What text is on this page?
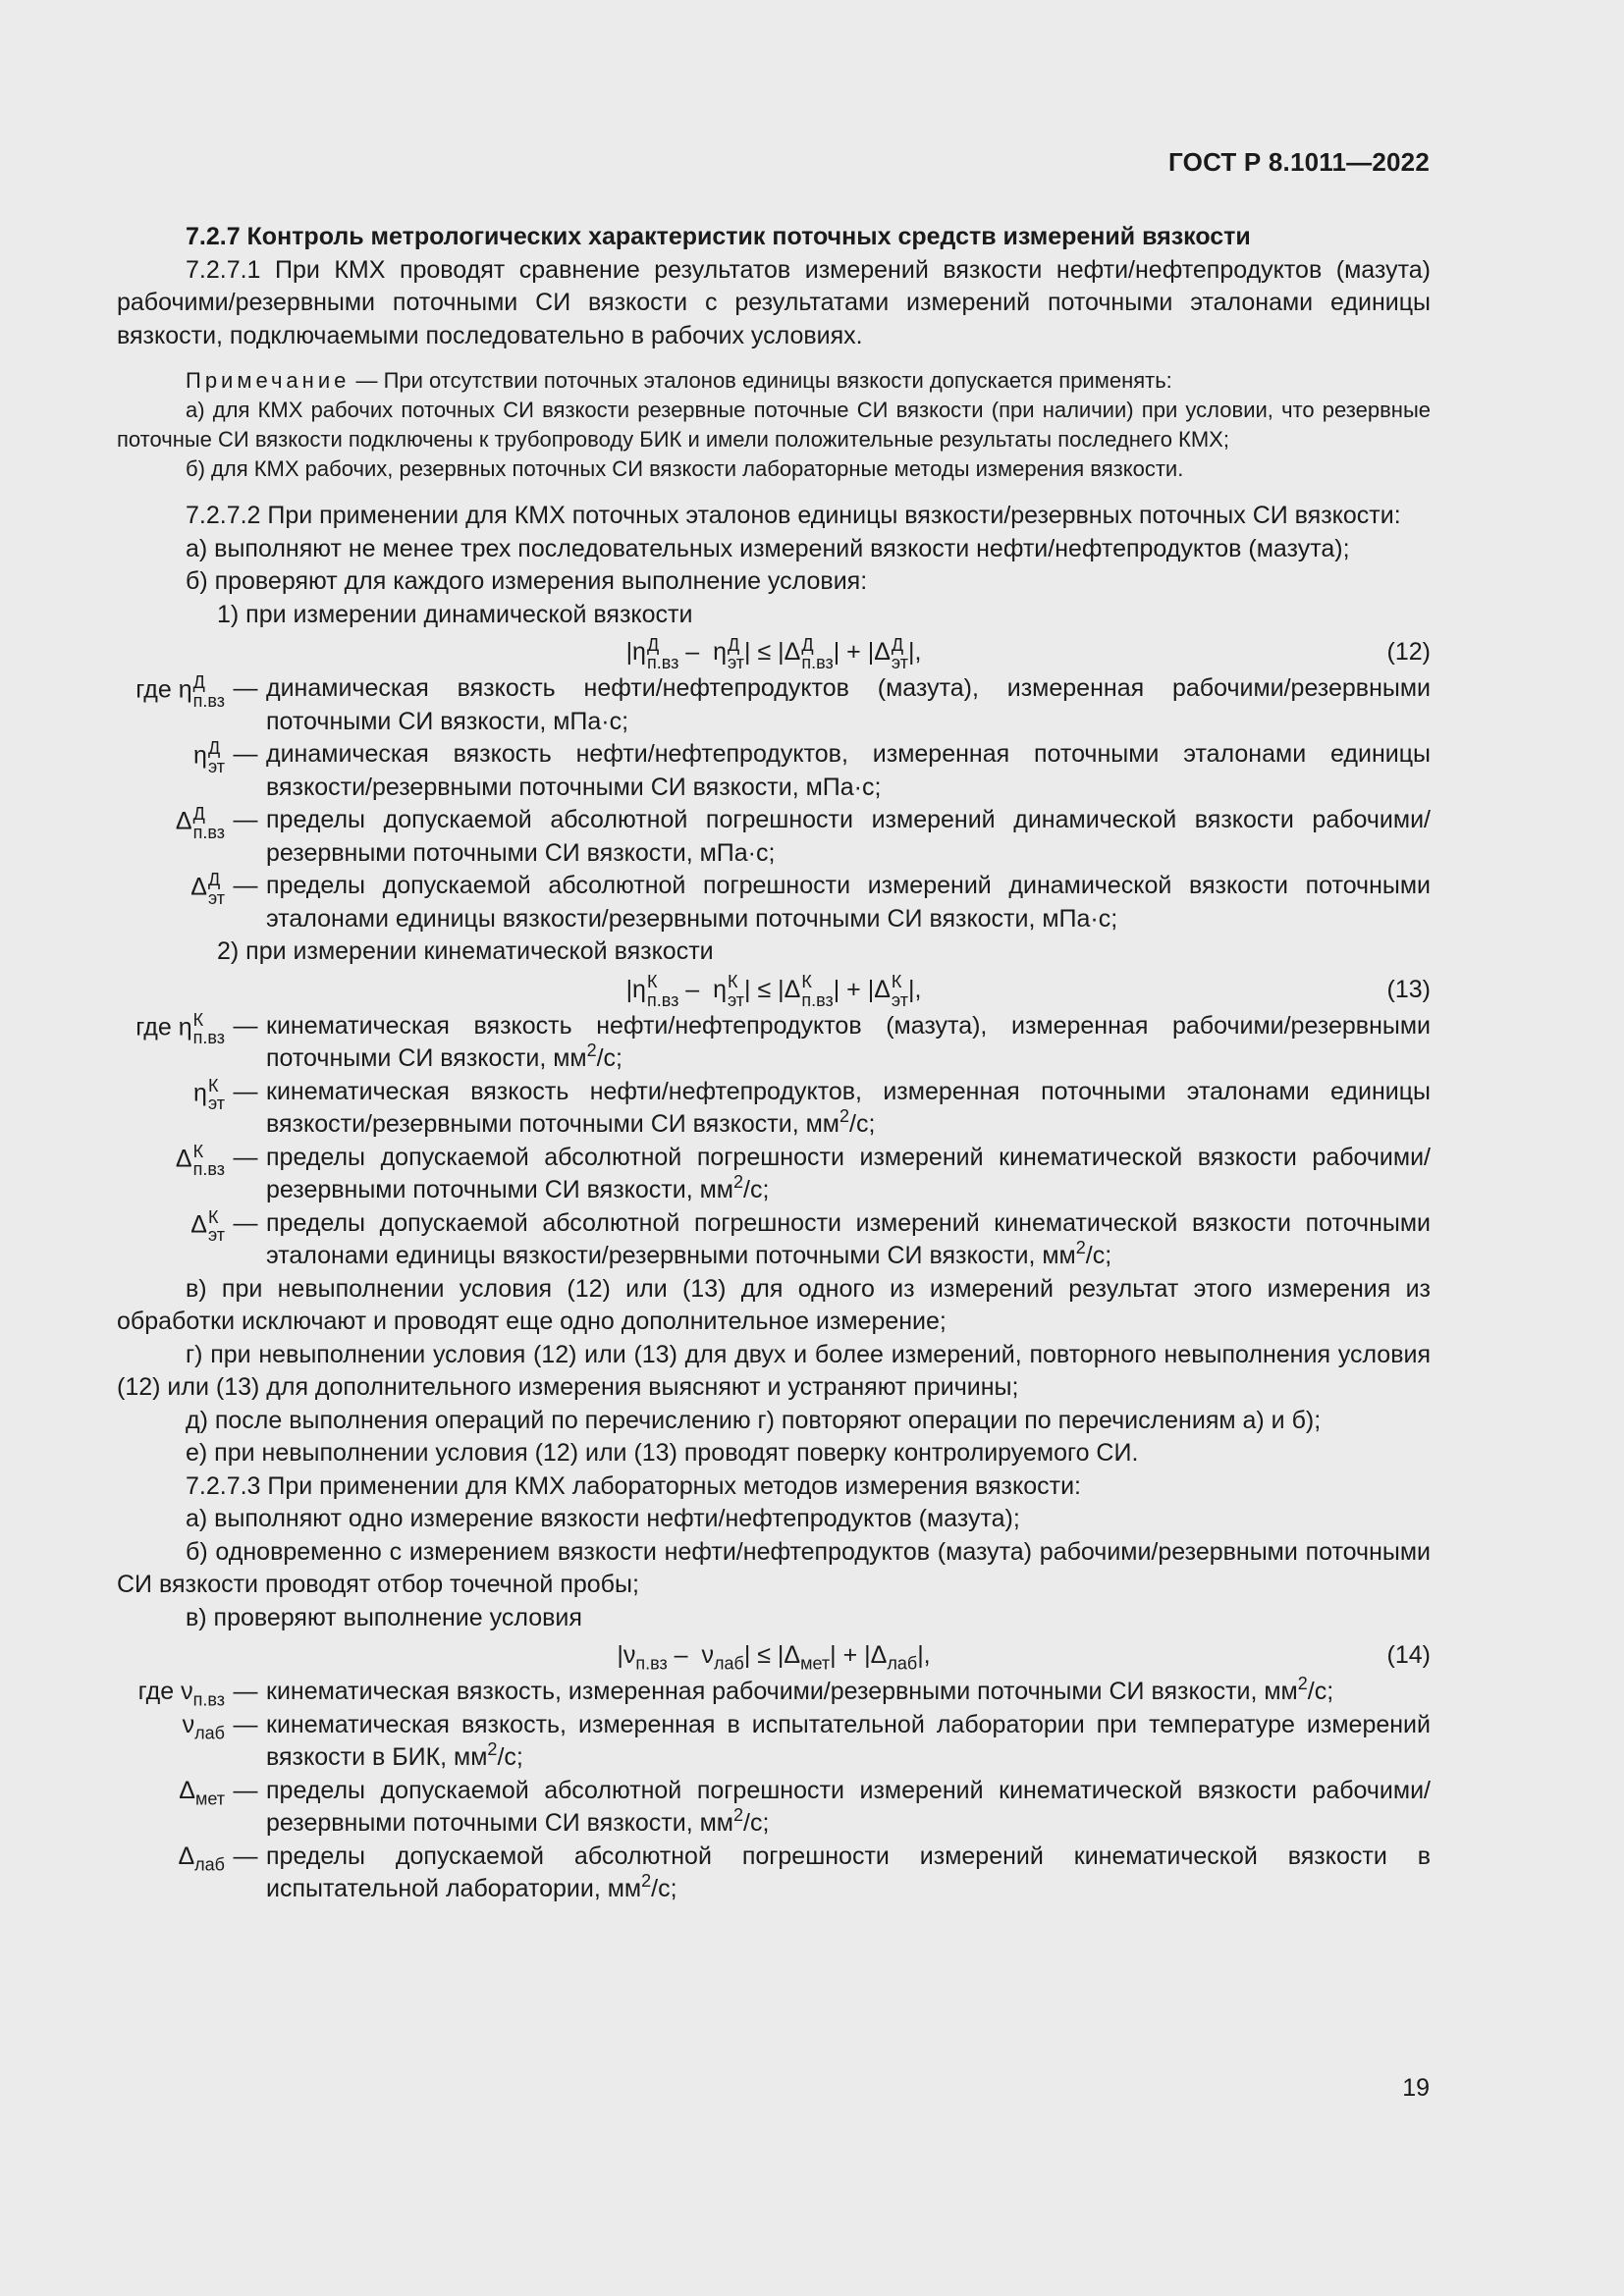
ГОСТ Р 8.1011—2022

7.2.7 Контроль метрологических характеристик поточных средств измерений вязкости

7.2.7.1 При КМХ проводят сравнение результатов измерений вязкости нефти/нефтепродуктов (мазута) рабочими/резервными поточными СИ вязкости с результатами измерений поточными эталонами единицы вязкости, подключаемыми последовательно в рабочих условиях.

Примечание — При отсутствии поточных эталонов единицы вязкости допускается применять:

а) для КМХ рабочих поточных СИ вязкости резервные поточные СИ вязкости (при наличии) при условии, что резервные поточные СИ вязкости подключены к трубопроводу БИК и имели положительные результаты последнего КМХ;

б) для КМХ рабочих, резервных поточных СИ вязкости лабораторные методы измерения вязкости.

7.2.7.2 При применении для КМХ поточных эталонов единицы вязкости/резервных поточных СИ вязкости:

а) выполняют не менее трех последовательных измерений вязкости нефти/нефтепродуктов (мазута);

б) проверяют для каждого измерения выполнение условия:

1) при измерении динамической вязкости

|η Д
п.вз –  η Д
эт | ≤ |Δ Д
п.вз | + |Δ Д
эт |,	(12)
где η Д
п.вз — динамическая вязкость нефти/нефтепродуктов (мазута), измеренная рабочими/резервными поточными СИ вязкости, мПа·с;
η Д
эт — динамическая вязкость нефти/нефтепродуктов, измеренная поточными эталонами единицы вязкости/резервными поточными СИ вязкости, мПа·с;
Δ Д
п.вз — пределы допускаемой абсолютной погрешности измерений динамической вязкости рабочими/резервными поточными СИ вязкости, мПа·с;
Δ Д
эт — пределы допускаемой абсолютной погрешности измерений динамической вязкости поточными эталонами единицы вязкости/резервными поточными СИ вязкости, мПа·с;

2) при измерении кинематической вязкости

|η К
п.вз –  η К
эт | ≤ |Δ К
п.вз | + |Δ К
эт |,	(13)
где η К
п.вз — кинематическая вязкость нефти/нефтепродуктов (мазута), измеренная рабочими/резервными поточными СИ вязкости, $мм^2/с$;
η К
эт — кинематическая вязкость нефти/нефтепродуктов, измеренная поточными эталонами единицы вязкости/резервными поточными СИ вязкости, $мм^2/с$;
Δ К
п.вз — пределы допускаемой абсолютной погрешности измерений кинематической вязкости рабочими/резервными поточными СИ вязкости, $мм^2/с$;
Δ К
эт — пределы допускаемой абсолютной погрешности измерений кинематической вязкости поточными эталонами единицы вязкости/резервными поточными СИ вязкости, $мм^2/с$;

в) при невыполнении условия (12) или (13) для одного из измерений результат этого измерения из обработки исключают и проводят еще одно дополнительное измерение;

г) при невыполнении условия (12) или (13) для двух и более измерений, повторного невыполнения условия (12) или (13) для дополнительного измерения выясняют и устраняют причины;

д) после выполнения операций по перечислению г) повторяют операции по перечислениям а) и б);

е) при невыполнении условия (12) или (13) проводят поверку контролируемого СИ.

7.2.7.3 При применении для КМХ лабораторных методов измерения вязкости:

а) выполняют одно измерение вязкости нефти/нефтепродуктов (мазута);

б) одновременно с измерением вязкости нефти/нефтепродуктов (мазута) рабочими/резервными поточными СИ вязкости проводят отбор точечной пробы;

в) проверяют выполнение условия

$|\nu_{п.вз} - \nu_{лаб}| \le |\Delta_{мет}| + |\Delta_{лаб}|$,	(14)
где $\nu_{п.вз}$ — кинематическая вязкость, измеренная рабочими/резервными поточными СИ вязкости, $мм^2/с$;
$\nu_{лаб}$ — кинематическая вязкость, измеренная в испытательной лаборатории при температуре измерений вязкости в БИК, $мм^2/с$;
$\Delta_{мет}$ — пределы допускаемой абсолютной погрешности измерений кинематической вязкости рабочими/резервными поточными СИ вязкости, $мм^2/с$;
$\Delta_{лаб}$ — пределы допускаемой абсолютной погрешности измерений кинематической вязкости в испытательной лаборатории, $мм^2/с$;
19
